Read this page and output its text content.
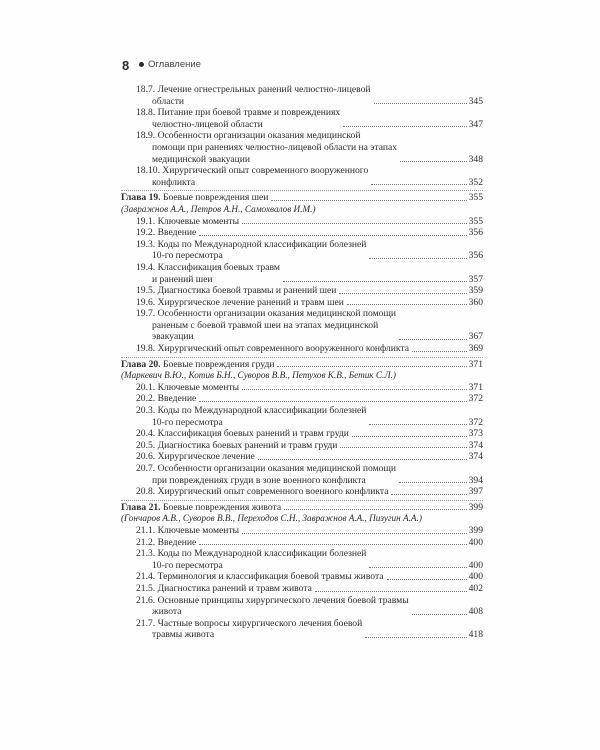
8 Оглавление
18.7. Лечение огнестрельных ранений челюстно-лицевой
области	345
18.8. Питание при боевой травме и повреждениях
челюстно-лицевой области	347
18.9. Особенности организации оказания медицинской
помощи при ранениях челюстно-лицевой области на этапах
медицинской эвакуации	348
18.10. Хирургический опыт современного вооруженного
конфликта	352
Глава 19. Боевые повреждения шеи	355
(Завражнов А.А., Петров А.Н., Самохвалов И.М.)
19.1. Ключевые моменты	355
19.2. Введение	356
19.3. Коды по Международной классификации болезней
10-го пересмотра	356
19.4. Классификация боевых травм
и ранений шеи	357
19.5. Диагностика боевой травмы и ранений шеи	359
19.6. Хирургическое лечение ранений и травм шеи	360
19.7. Особенности организации оказания медицинской помощи
раненым с боевой травмой шеи на этапах медицинской
эвакуации	367
19.8. Хирургический опыт современного вооруженного конфликта	369
Глава 20. Боевые повреждения груди	371
(Маркевич В.Ю., Котив Б.Н., Суворов В.В., Петухов К.В., Бетик С.Л.)
20.1. Ключевые моменты	371
20.2. Введение	372
20.3. Коды по Международной классификации болезней
10-го пересмотра	372
20.4. Классификация боевых ранений и травм груди	373
20.5. Диагностика боевых ранений и травм груди	374
20.6. Хирургическое лечение	374
20.7. Особенности организации оказания медицинской помощи
при повреждениях груди в зоне военного конфликта	394
20.8. Хирургический опыт современного военного конфликта	397
Глава 21. Боевые повреждения живота	399
(Гончаров А.В., Суворов В.В., Переходов С.Н., Завражнов А.А., Пизугин А.А.)
21.1. Ключевые моменты	399
21.2. Введение	400
21.3. Коды по Международной классификации болезней
10-го пересмотра	400
21.4. Терминология и классификация боевой травмы живота	400
21.5. Диагностика ранений и травм живота	402
21.6. Основные принципы хирургического лечения боевой травмы
живота	408
21.7. Частные вопросы хирургического лечения боевой
травмы живота	418
